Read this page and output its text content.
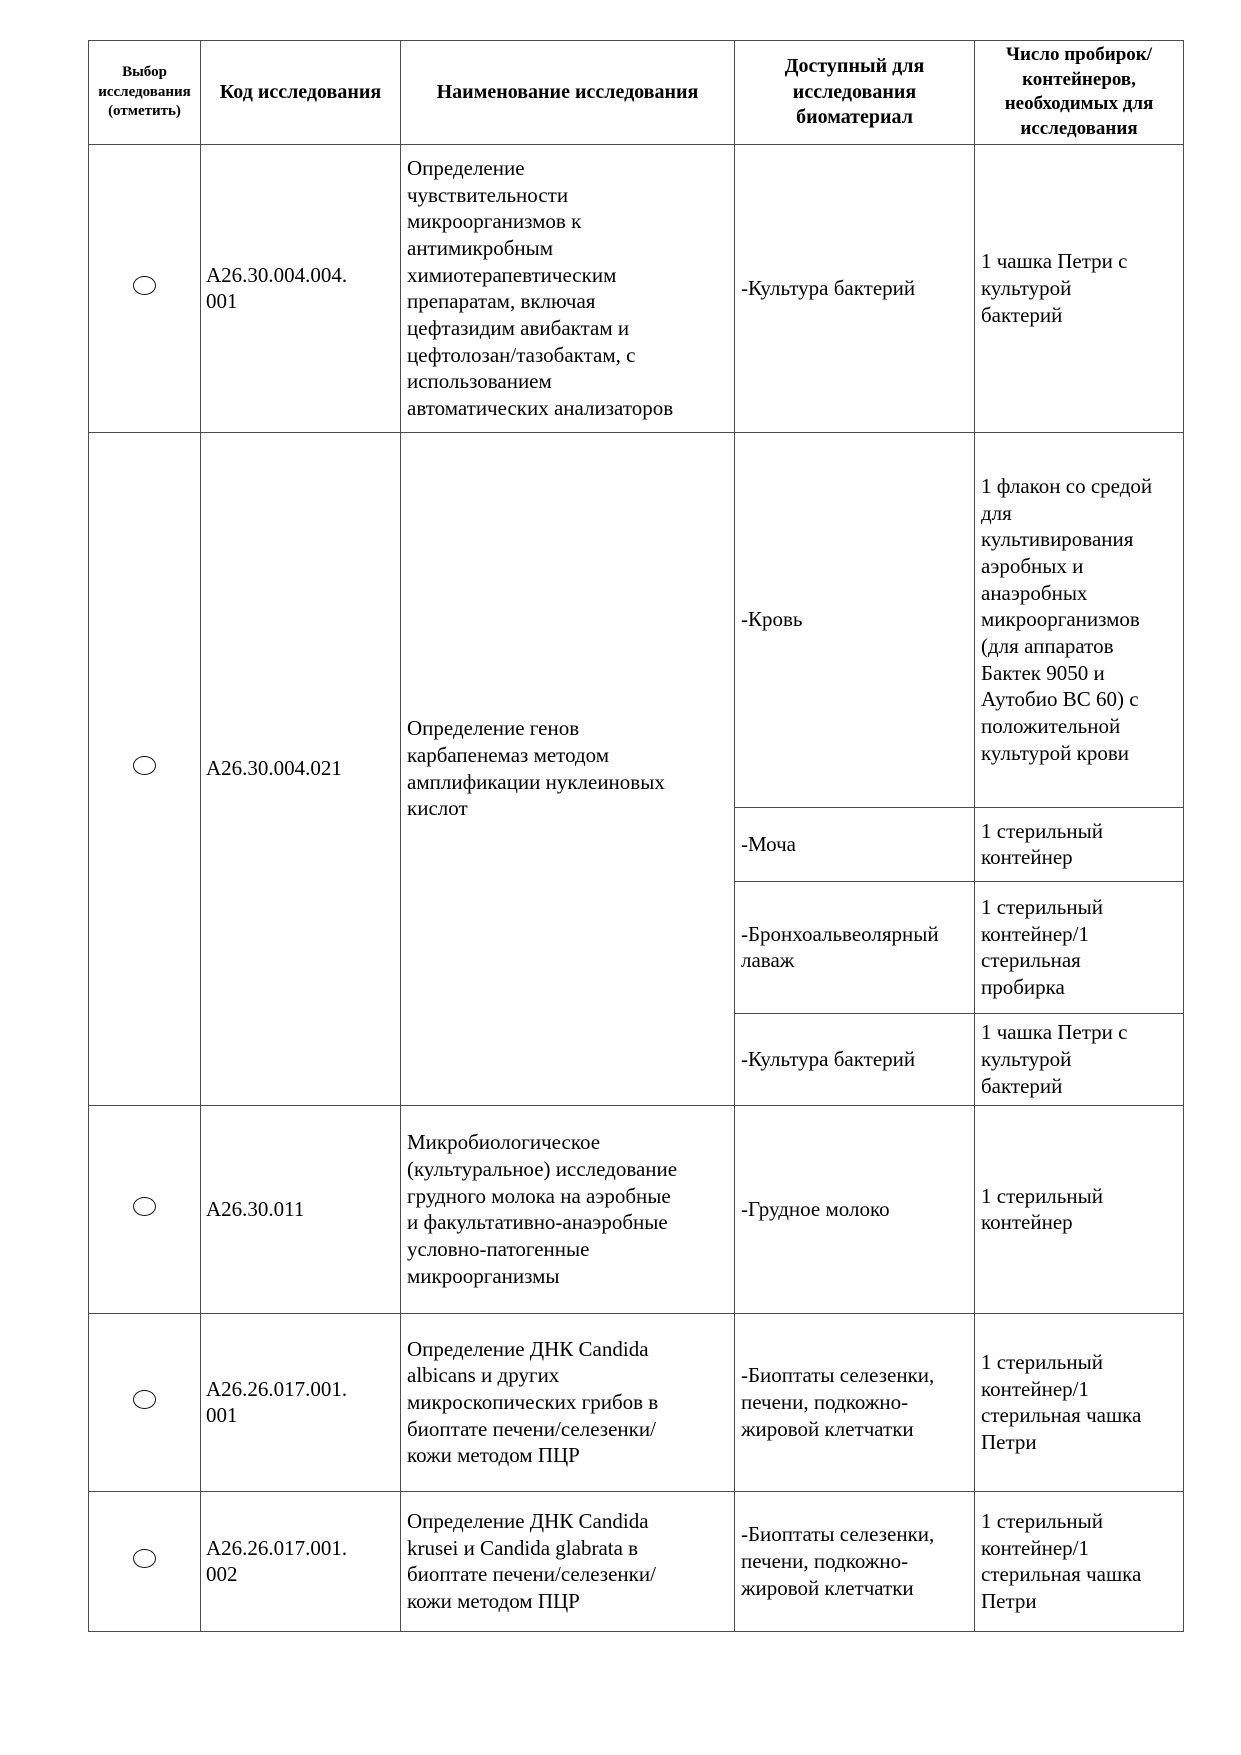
Выбор исследования (отметить)	Код исследования	Наименование исследования	Доступный для исследования биоматериал	Число пробирок/контейнеров, необходимых для исследования
	A26.30.004.004.001	Определение чувствительности микроорганизмов к антимикробным химиотерапевтическим препаратам, включая цефтазидим авибактам и цефтолозан/тазобактам, с использованием автоматических анализаторов	-Культура бактерий	1 чашка Петри с культурой бактерий
	A26.30.004.021	Определение генов карбапенемаз методом амплификации нуклеиновых кислот	-Кровь	1 флакон со средой для культивирования аэробных и анаэробных микроорганизмов (для аппаратов Бактек 9050 и Аутобио ВС 60) с положительной культурой крови
			-Моча	1 стерильный контейнер
			-Бронхоальвеолярный лаваж	1 стерильный контейнер/1 стерильная пробирка
			-Культура бактерий	1 чашка Петри с культурой бактерий
	A26.30.011	Микробиологическое (культуральное) исследование грудного молока на аэробные и факультативно-анаэробные условно-патогенные микроорганизмы	-Грудное молоко	1 стерильный контейнер
	A26.26.017.001.001	Определение ДНК Candida albicans и других микроскопических грибов в биоптате печени/селезенки/кожи методом ПЦР	-Биоптаты селезенки, печени, подкожно-жировой клетчатки	1 стерильный контейнер/1 стерильная чашка Петри
	A26.26.017.001.002	Определение ДНК Candida krusei и Candida glabrata в биоптате печени/селезенки/кожи методом ПЦР	-Биоптаты селезенки, печени, подкожно-жировой клетчатки	1 стерильный контейнер/1 стерильная чашка Петри
